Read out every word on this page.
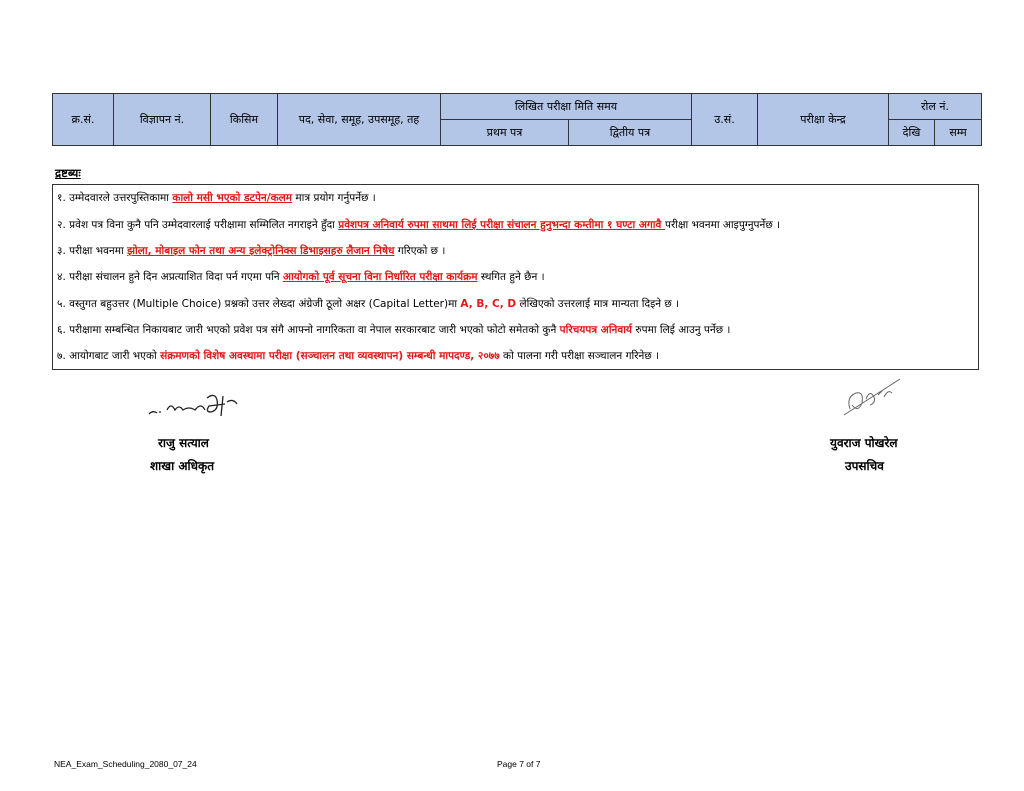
क्र.सं.	विज्ञापन नं.	किसिम	पद, सेवा, समूह, उपसमूह, तह	लिखित परीक्षा मिति समय		उ.सं.	परीक्षा केन्द्र	रोल नं.	
				प्रथम पत्र	द्वितीय पत्र			देखि	सम्म
द्रष्टब्यः
१. उम्मेदवारले उत्तरपुस्तिकामा कालो मसी भएको डटपेन/कलम मात्र प्रयोग गर्नुपर्नेछ ।
२. प्रवेश पत्र विना कुनै पनि उम्मेदवारलाई परीक्षामा सम्मिलित नगराइने हुँदा प्रवेशपत्र अनिवार्य रुपमा साथमा लिई परीक्षा संचालन हुनुभन्दा कम्तीमा १ घण्टा अगावै परीक्षा भवनमा आइपुग्नुपर्नेछ ।
३. परीक्षा भवनमा झोला, मोबाइल फोन तथा अन्य इलेक्ट्रोनिक्स डिभाइसहरु लैजान निषेध गरिएको छ ।
४. परीक्षा संचालन हुने दिन अप्रत्याशित विदा पर्न गएमा पनि आयोगको पूर्व सूचना विना निर्धारित परीक्षा कार्यक्रम स्थगित हुने छैन ।
५. वस्तुगत बहुउत्तर (Multiple Choice) प्रश्नको उत्तर लेख्दा अंग्रेजी ठूलो अक्षर (Capital Letter)मा A, B, C, D लेखिएको उत्तरलाई मात्र मान्यता दिइने छ ।
६. परीक्षामा सम्बन्धित निकायबाट जारी भएको प्रवेश पत्र संगै आफ्नो नागरिकता वा नेपाल सरकारबाट जारी भएको फोटो समेतको कुनै परिचयपत्र अनिवार्य रुपमा लिई आउनु पर्नेछ ।
७. आयोगबाट जारी भएको संक्रमणको विशेष अवस्थामा परीक्षा (सञ्चालन तथा व्यवस्थापन) सम्बन्धी मापदण्ड, २०७७ को पालना गरी परीक्षा सञ्चालन गरिनेछ ।
राजु सत्याल
शाखा अधिकृत
युवराज पोखरेल
उपसचिव
NEA_Exam_Scheduling_2080_07_24	Page 7 of 7
